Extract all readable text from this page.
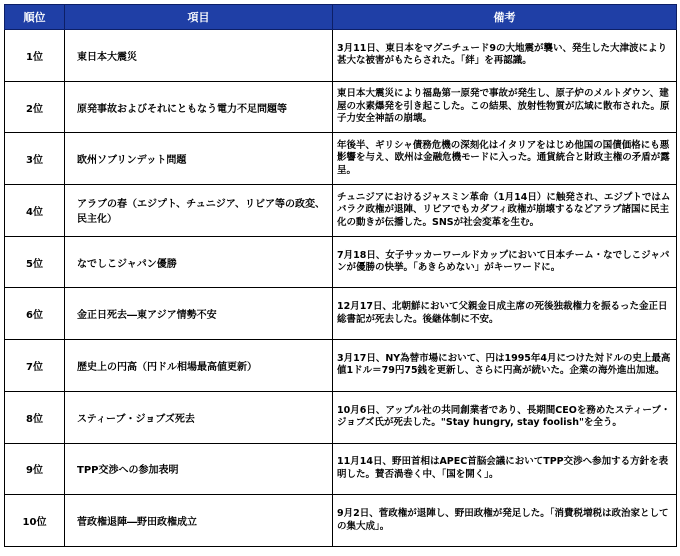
順位	項目	備考
1位	東日本大震災	3月11日、東日本をマグニチュード9の大地震が襲い、発生した大津波により甚大な被害がもたらされた。「絆」を再認識。
2位	原発事故およびそれにともなう電力不足問題等	東日本大震災により福島第一原発で事故が発生し、原子炉のメルトダウン、建屋の水素爆発を引き起こした。この結果、放射性物質が広域に散布された。原子力安全神話の崩壊。
3位	欧州ソブリンデット問題	年後半、ギリシャ債務危機の深刻化はイタリアをはじめ他国の国債価格にも悪影響を与え、欧州は金融危機モードに入った。通貨統合と財政主権の矛盾が露呈。
4位	アラブの春（エジプト、チュニジア、リビア等の政変、民主化）	チュニジアにおけるジャスミン革命（1月14日）に触発され、エジプトではムバラク政権が退陣、リビアでもカダフィ政権が崩壊するなどアラブ諸国に民主化の動きが伝播した。SNSが社会変革を生む。
5位	なでしこジャパン優勝	7月18日、女子サッカーワールドカップにおいて日本チーム・なでしこジャパンが優勝の快挙。「あきらめない」がキーワードに。
6位	金正日死去―東アジア情勢不安	12月17日、北朝鮮において父親金日成主席の死後独裁権力を振るった金正日総書記が死去した。後継体制に不安。
7位	歴史上の円高（円ドル相場最高値更新）	3月17日、NY為替市場において、円は1995年4月につけた対ドルの史上最高値1ドル＝79円75銭を更新し、さらに円高が続いた。企業の海外進出加速。
8位	スティーブ・ジョブズ死去	10月6日、アップル社の共同創業者であり、長期間CEOを務めたスティーブ・ジョブズ氏が死去した。"Stay hungry, stay foolish"を全う。
9位	TPP交渉への参加表明	11月14日、野田首相はAPEC首脳会議においてTPP交渉へ参加する方針を表明した。賛否渦巻く中、「国を開く」。
10位	菅政権退陣―野田政権成立	9月2日、菅政権が退陣し、野田政権が発足した。「消費税増税は政治家としての集大成」。
